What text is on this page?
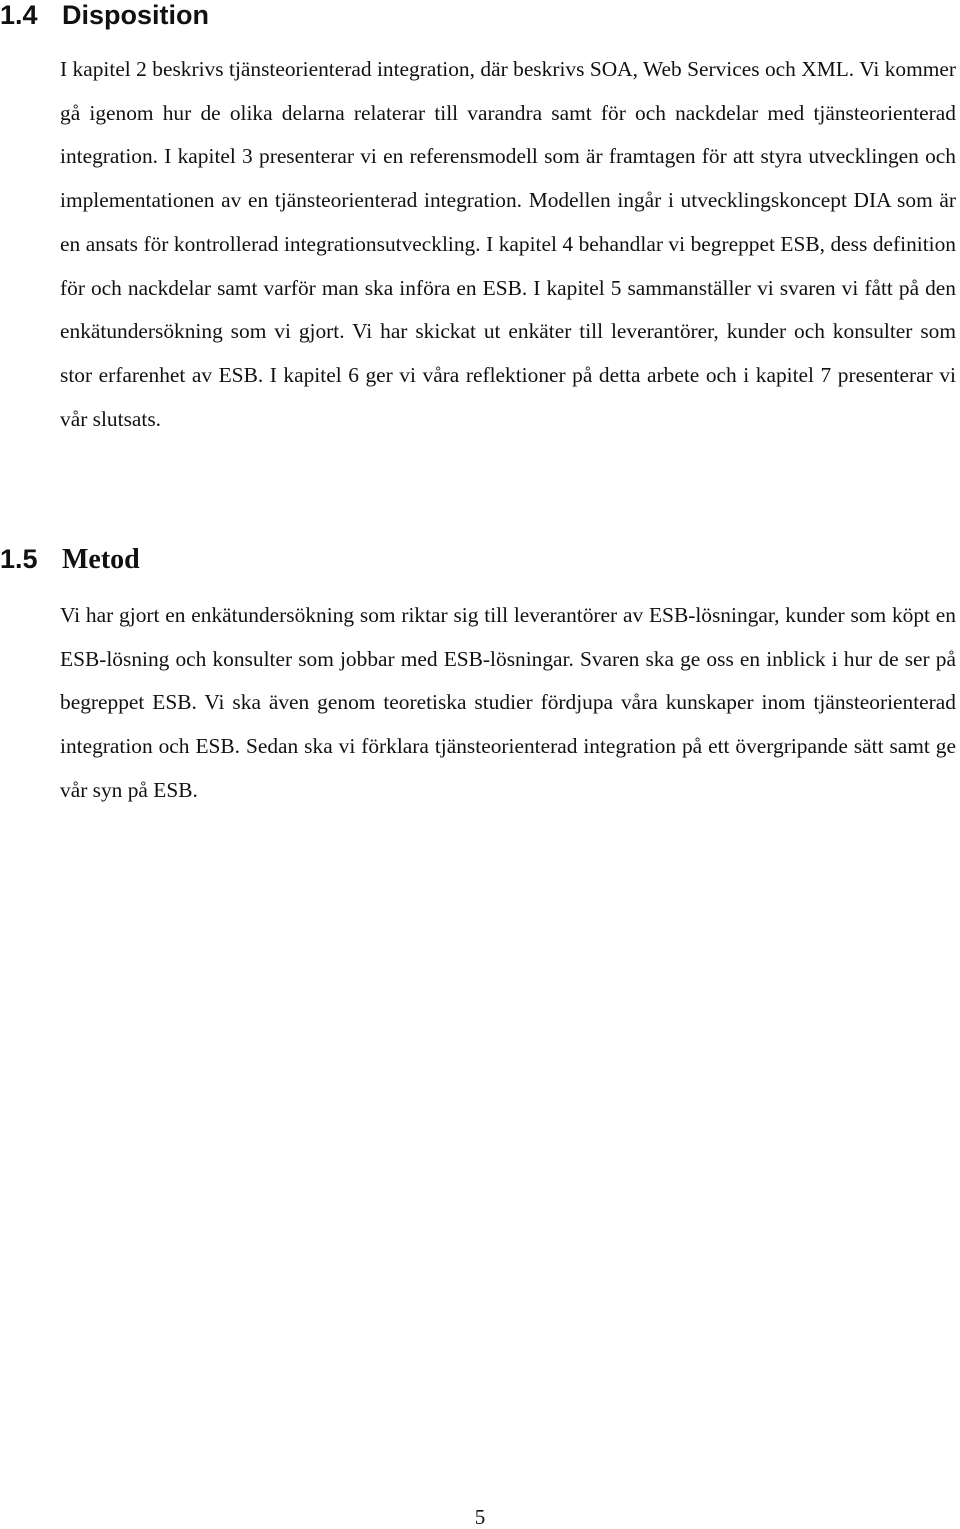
1.4 Disposition

I kapitel 2 beskrivs tjänsteorienterad integration, där beskrivs SOA, Web Services och XML. Vi kommer gå igenom hur de olika delarna relaterar till varandra samt för och nackdelar med tjänsteorienterad integration. I kapitel 3 presenterar vi en referensmodell som är framtagen för att styra utvecklingen och implementationen av en tjänsteorienterad integration. Modellen ingår i utvecklingskoncept DIA som är en ansats för kontrollerad integrationsutveckling. I kapitel 4 behandlar vi begreppet ESB, dess definition för och nackdelar samt varför man ska införa en ESB. I kapitel 5 sammanställer vi svaren vi fått på den enkätundersökning som vi gjort. Vi har skickat ut enkäter till leverantörer, kunder och konsulter som stor erfarenhet av ESB. I kapitel 6 ger vi våra reflektioner på detta arbete och i kapitel 7 presenterar vi vår slutsats.

1.5 Metod

Vi har gjort en enkätundersökning som riktar sig till leverantörer av ESB-lösningar, kunder som köpt en ESB-lösning och konsulter som jobbar med ESB-lösningar. Svaren ska ge oss en inblick i hur de ser på begreppet ESB. Vi ska även genom teoretiska studier fördjupa våra kunskaper inom tjänsteorienterad integration och ESB. Sedan ska vi förklara tjänsteorienterad integration på ett övergripande sätt samt ge vår syn på ESB.

5
